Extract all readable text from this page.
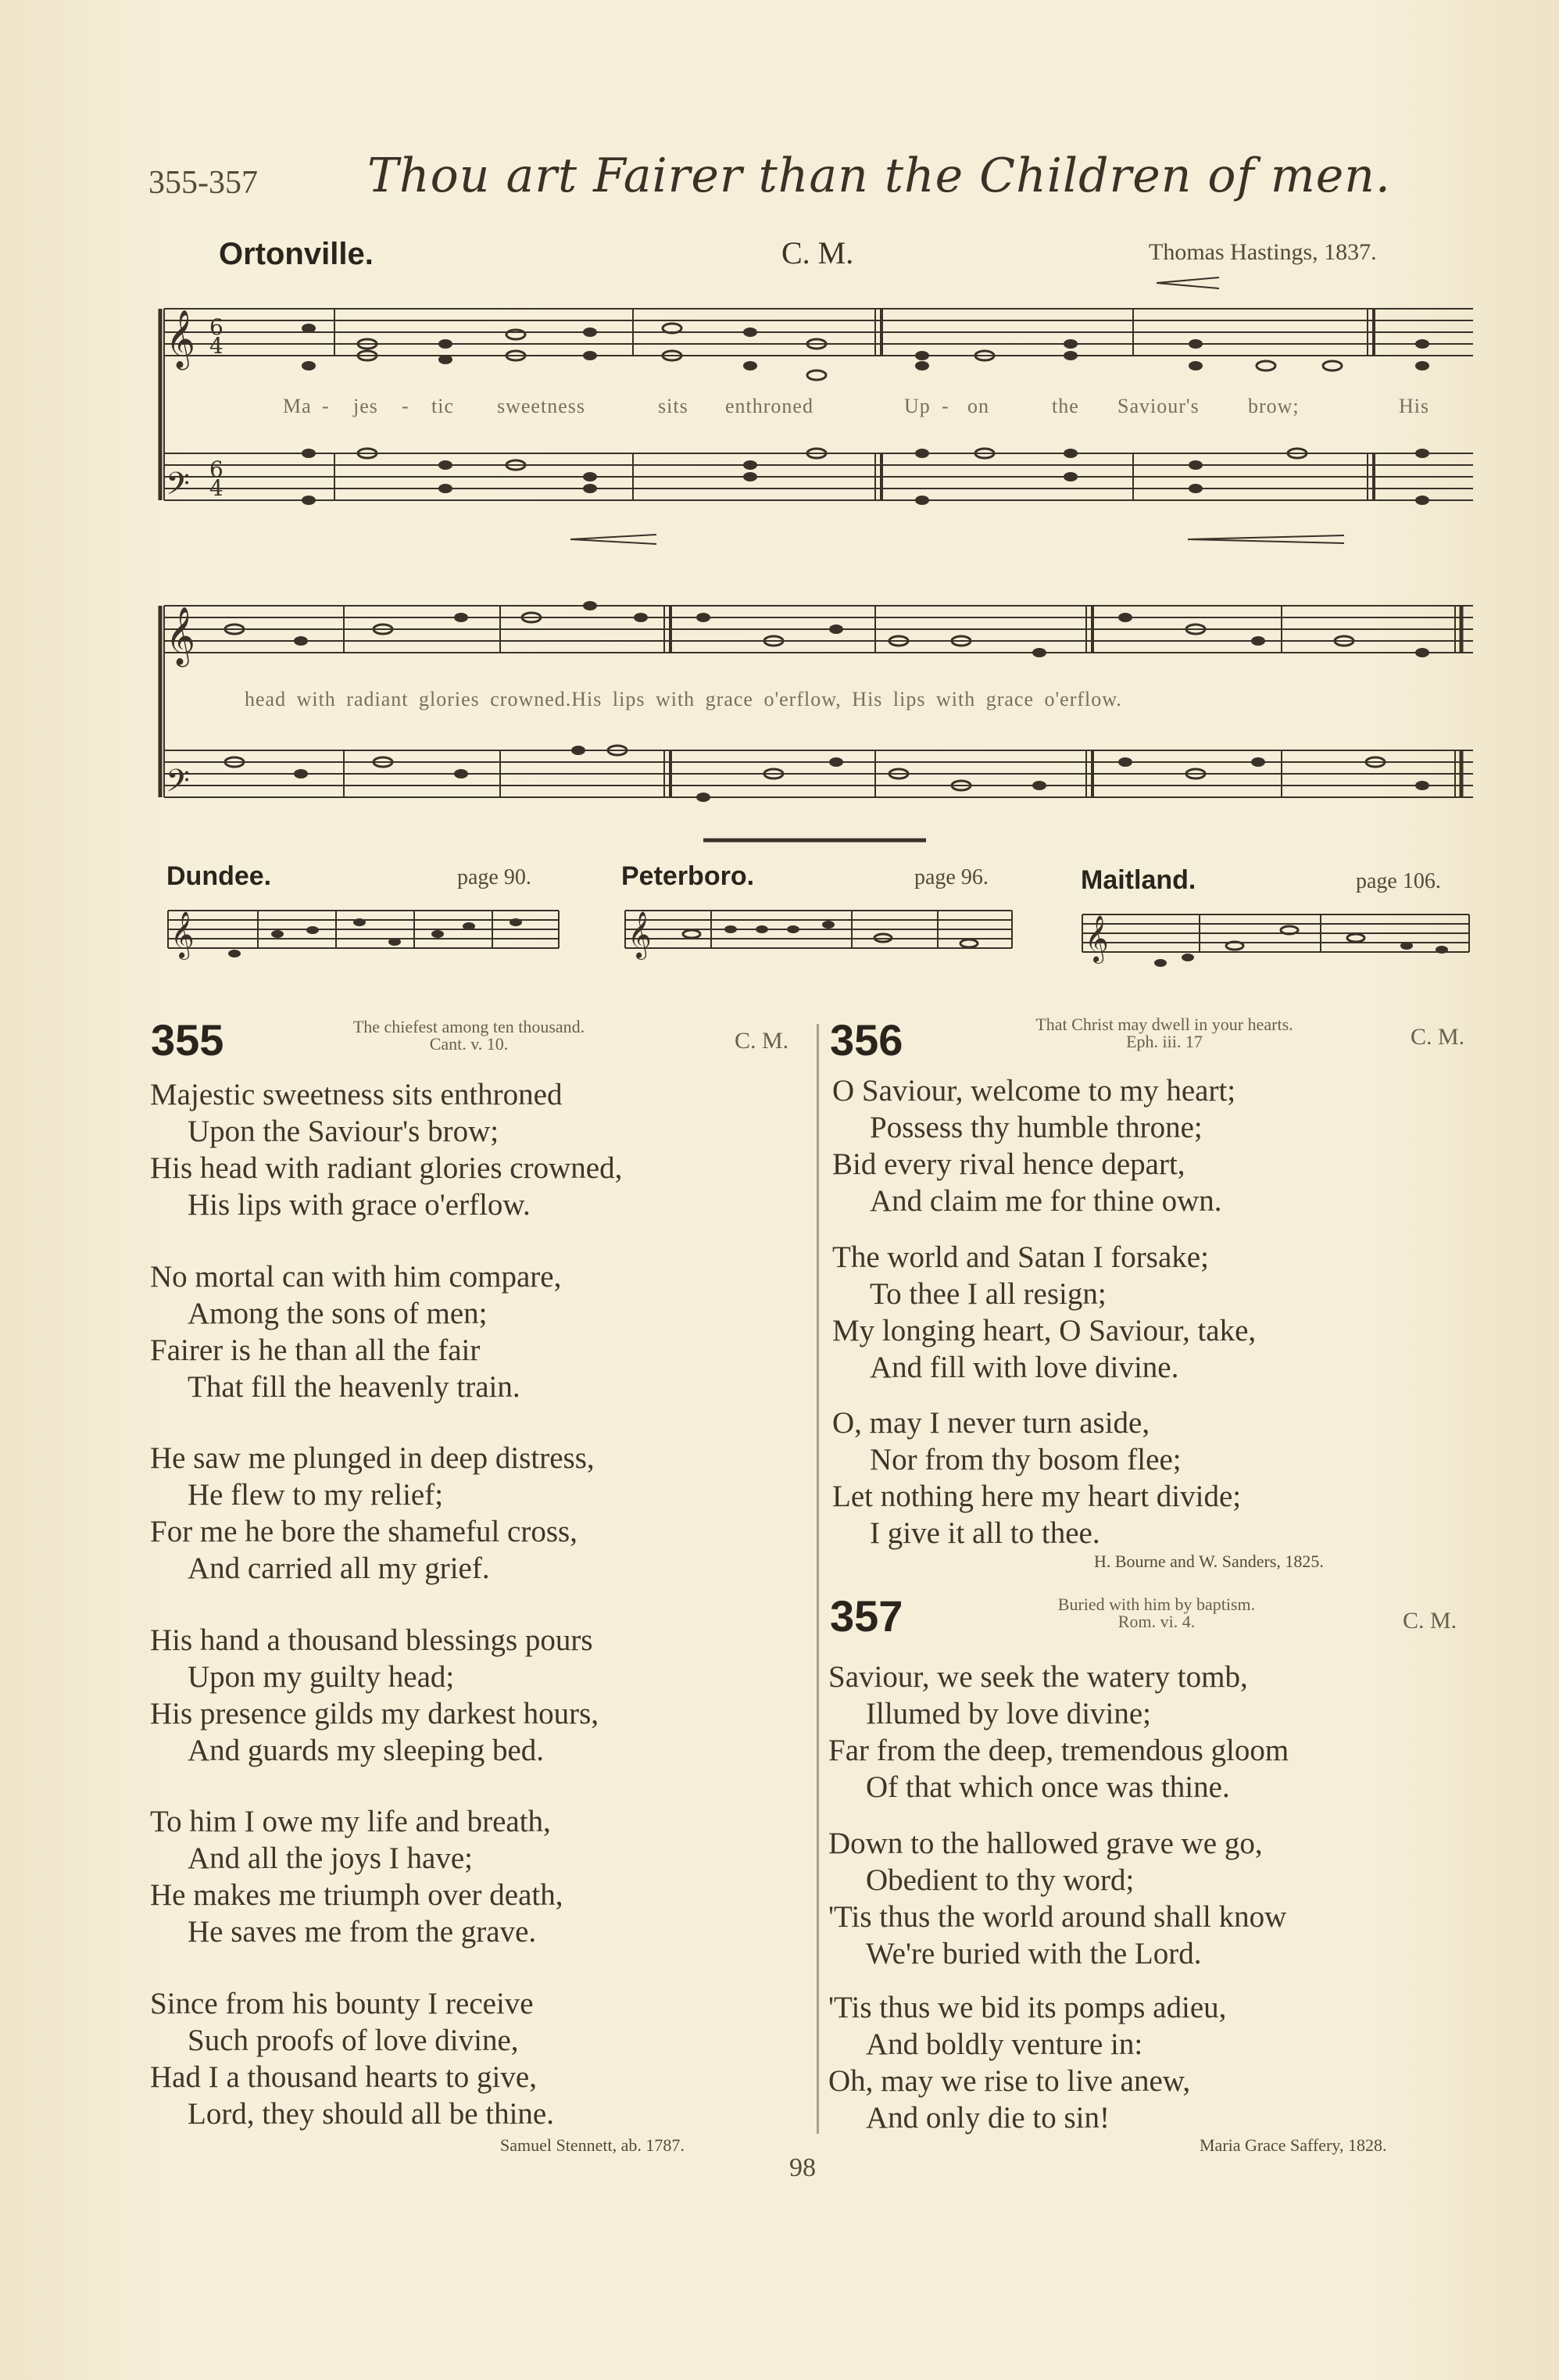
355-357 Thou art Fairer than the Children of men.
Ortonville.	C. M.	Thomas Hastings, 1837.
𝄞
𝄢
𝄞
𝄢
𝄞	𝄞	𝄞
6
4
6
4
Ma - jes - tic sweetness	sits enthroned	Up - on	the Saviour's brow;	His
head with radiant glories crowned.His lips with grace o'erflow, His lips with grace o'erflow.
Dundee.	page 90.	Peterboro.	page 96.	Maitland.	page 106.
355	The chiefest among ten thousand.
Cant. v. 10.	C. M.
Majestic sweetness sits enthroned
Upon the Saviour's brow;
His head with radiant glories crowned,
His lips with grace o'erflow.
No mortal can with him compare,
Among the sons of men;
Fairer is he than all the fair
That fill the heavenly train.
He saw me plunged in deep distress,
He flew to my relief;
For me he bore the shameful cross,
And carried all my grief.
His hand a thousand blessings pours
Upon my guilty head;
His presence gilds my darkest hours,
And guards my sleeping bed.
To him I owe my life and breath,
And all the joys I have;
He makes me triumph over death,
He saves me from the grave.
Since from his bounty I receive
Such proofs of love divine,
Had I a thousand hearts to give,
Lord, they should all be thine.
Samuel Stennett, ab. 1787.
356	That Christ may dwell in your hearts.
Eph. iii. 17	C. M.
O Saviour, welcome to my heart;
Possess thy humble throne;
Bid every rival hence depart,
And claim me for thine own.
The world and Satan I forsake;
To thee I all resign;
My longing heart, O Saviour, take,
And fill with love divine.
O, may I never turn aside,
Nor from thy bosom flee;
Let nothing here my heart divide;
I give it all to thee.
H. Bourne and W. Sanders, 1825.
357	Buried with him by baptism.
Rom. vi. 4.	C. M.
Saviour, we seek the watery tomb,
Illumed by love divine;
Far from the deep, tremendous gloom
Of that which once was thine.
Down to the hallowed grave we go,
Obedient to thy word;
'Tis thus the world around shall know
We're buried with the Lord.
'Tis thus we bid its pomps adieu,
And boldly venture in:
Oh, may we rise to live anew,
And only die to sin!
Maria Grace Saffery, 1828.
98
